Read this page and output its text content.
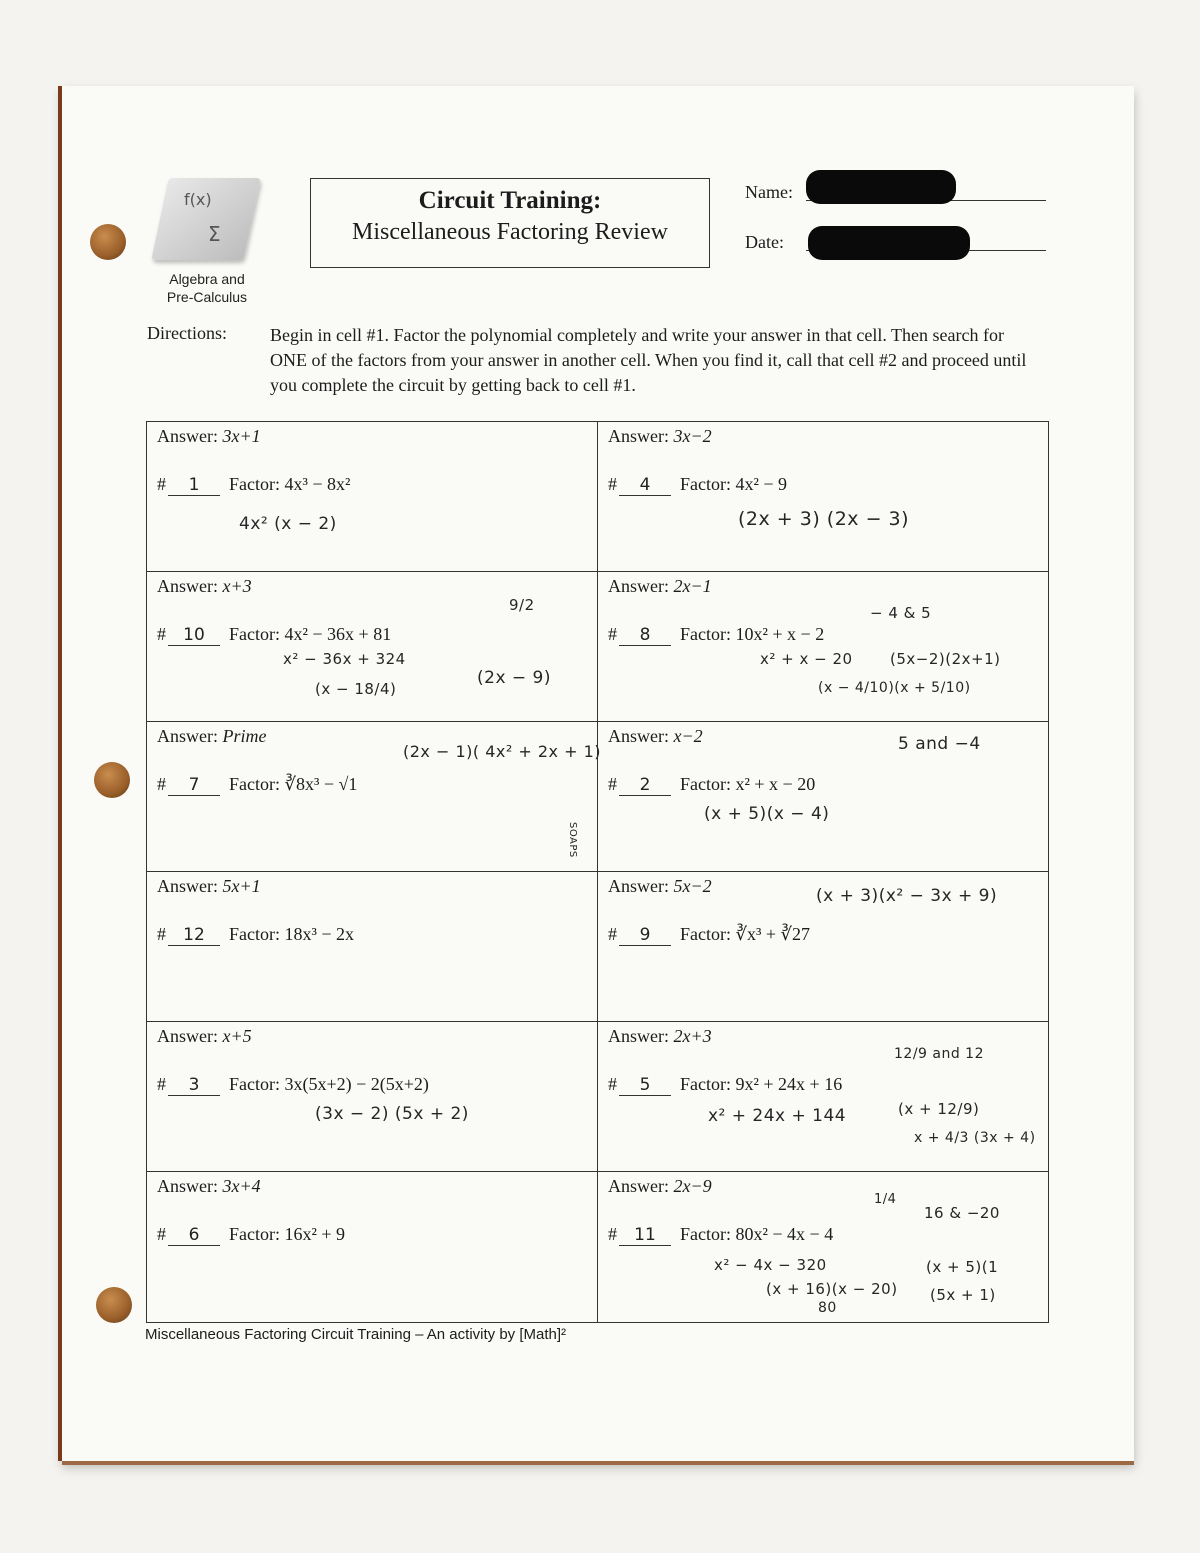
f(x)
Σ
Algebra and
Pre-Calculus
Circuit Training:
Miscellaneous Factoring Review
Name:
Date:
Directions: Begin in cell #1. Factor the polynomial completely and write your answer in that cell. Then search for ONE of the factors from your answer in another cell. When you find it, call that cell #2 and proceed until you complete the circuit by getting back to cell #1.
Answer: 3x+1
# 1	Factor: 4x³ − 8x²
4x² (x − 2)
Answer: 3x−2
# 4	Factor: 4x² − 9
(2x + 3) (2x − 3)
Answer: x+3
# 10	Factor: 4x² − 36x + 81
9/2
x² − 36x + 324
(x − 18/4)
(2x − 9)
Answer: 2x−1
# 8	Factor: 10x² + x − 2
− 4 & 5
x² + x − 20 (5x−2)(2x+1)
(x − 4/10)(x + 5/10)
Answer: Prime
# 7	Factor: ∛8x³ − √1
(2x − 1)( 4x² + 2x + 1)
SOAPS
Answer: x−2
# 2	Factor: x² + x − 20
5 and −4
(x + 5)(x − 4)
Answer: 5x+1
# 12	Factor: 18x³ − 2x
Answer: 5x−2
# 9	Factor: ∛x³ + ∛27
(x + 3)(x² − 3x + 9)
Answer: x+5
# 3	Factor: 3x(5x+2) − 2(5x+2)
(3x − 2) (5x + 2)
Answer: 2x+3
# 5	Factor: 9x² + 24x + 16
12/9 and 12
x² + 24x + 144	(x + 12/9)
x + 4/3 (3x + 4)
Answer: 3x+4
# 6	Factor: 16x² + 9
Answer: 2x−9
# 11	Factor: 80x² − 4x − 4
1/4
16 & −20
x² − 4x − 320	(x + 5)(1
(x + 16)(x − 20)
80
(5x + 1)
Miscellaneous Factoring Circuit Training – An activity by [Math]²
